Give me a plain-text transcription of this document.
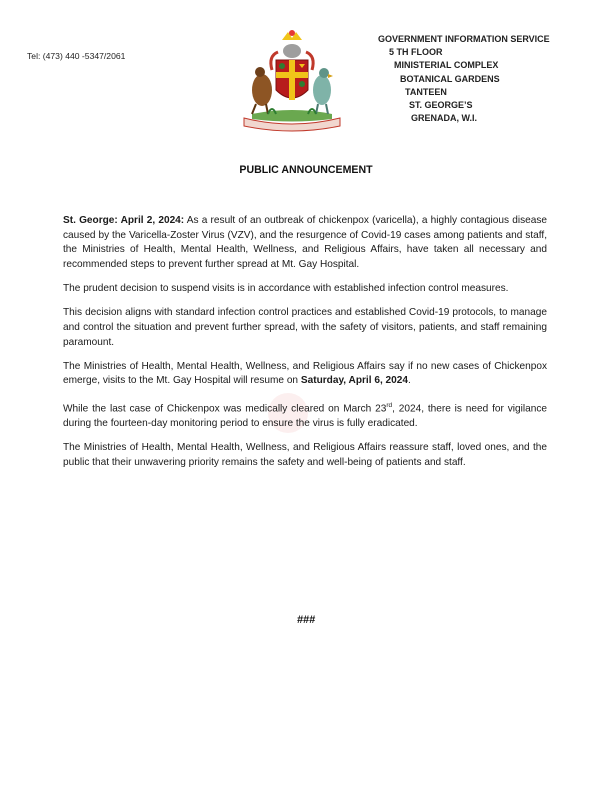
Tel: (473) 440 -5347/2061
GOVERNMENT INFORMATION SERVICE
5 TH FLOOR
MINISTERIAL COMPLEX
BOTANICAL GARDENS
TANTEEN
ST. GEORGE’S
GRENADA, W.I.
PUBLIC ANNOUNCEMENT

St. George: April 2, 2024: As a result of an outbreak of chickenpox (varicella), a highly contagious disease caused by the Varicella-Zoster Virus (VZV), and the resurgence of Covid-19 cases among patients and staff, the Ministries of Health, Mental Health, Wellness, and Religious Affairs, have taken all necessary and recommended steps to prevent further spread at Mt. Gay Hospital.

The prudent decision to suspend visits is in accordance with established infection control measures.

This decision aligns with standard infection control practices and established Covid-19 protocols, to manage and control the situation and prevent further spread, with the safety of visitors, patients, and staff remaining paramount.

The Ministries of Health, Mental Health, Wellness, and Religious Affairs say if no new cases of Chickenpox emerge, visits to the Mt. Gay Hospital will resume on Saturday, April 6, 2024.

While the last case of Chickenpox was medically cleared on March 23rd, 2024, there is need for vigilance during the fourteen-day monitoring period to ensure the virus is fully eradicated.

The Ministries of Health, Mental Health, Wellness, and Religious Affairs reassure staff, loved ones, and the public that their unwavering priority remains the safety and well-being of patients and staff.

###
